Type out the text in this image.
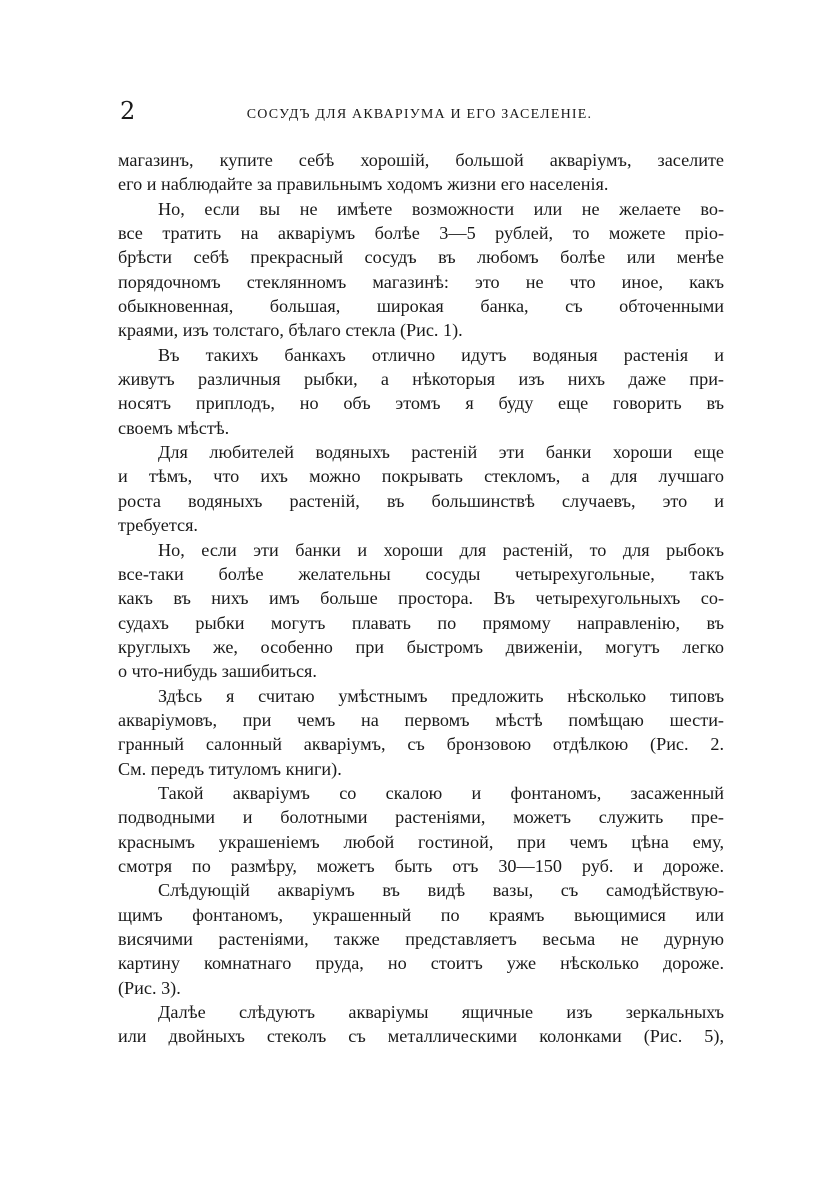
2	СОСУДЪ ДЛЯ АКВАРІУМА И ЕГО ЗАСЕЛЕНІЕ.
магазинъ, купите себѣ хорошій, большой акваріумъ, заселите
его и наблюдайте за правильнымъ ходомъ жизни его населенія.
Но, если вы не имѣете возможности или не желаете во-
все тратить на акваріумъ болѣе 3—5 рублей, то можете пріо-
брѣсти себѣ прекрасный сосудъ въ любомъ болѣе или менѣе
порядочномъ стеклянномъ магазинѣ: это не что иное, какъ
обыкновенная, большая, широкая банка, съ обточенными
краями, изъ толстаго, бѣлаго стекла (Рис. 1).
Въ такихъ банкахъ отлично идутъ водяныя растенія и
живутъ различныя рыбки, а нѣкоторыя изъ нихъ даже при-
носятъ приплодъ, но объ этомъ я буду еще говорить въ
своемъ мѣстѣ.
Для любителей водяныхъ растеній эти банки хороши еще
и тѣмъ, что ихъ можно покрывать стекломъ, а для лучшаго
роста водяныхъ растеній, въ большинствѣ случаевъ, это и
требуется.
Но, если эти банки и хороши для растеній, то для рыбокъ
все-таки болѣе желательны сосуды четырехугольные, такъ
какъ въ нихъ имъ больше простора. Въ четырехугольныхъ со-
судахъ рыбки могутъ плавать по прямому направленію, въ
круглыхъ же, особенно при быстромъ движеніи, могутъ легко
о что-нибудь зашибиться.
Здѣсь я считаю умѣстнымъ предложить нѣсколько типовъ
акваріумовъ, при чемъ на первомъ мѣстѣ помѣщаю шести-
гранный салонный акваріумъ, съ бронзовою отдѣлкою (Рис. 2.
См. передъ титуломъ книги).
Такой акваріумъ со скалою и фонтаномъ, засаженный
подводными и болотными растеніями, можетъ служить пре-
краснымъ украшеніемъ любой гостиной, при чемъ цѣна ему,
смотря по размѣру, можетъ быть отъ 30—150 руб. и дороже.
Слѣдующій акваріумъ въ видѣ вазы, съ самодѣйствую-
щимъ фонтаномъ, украшенный по краямъ вьющимися или
висячими растеніями, также представляетъ весьма не дурную
картину комнатнаго пруда, но стоитъ уже нѣсколько дороже.
(Рис. 3).
Далѣе слѣдуютъ акваріумы ящичные изъ зеркальныхъ
или двойныхъ стеколъ съ металлическими колонками (Рис. 5),
